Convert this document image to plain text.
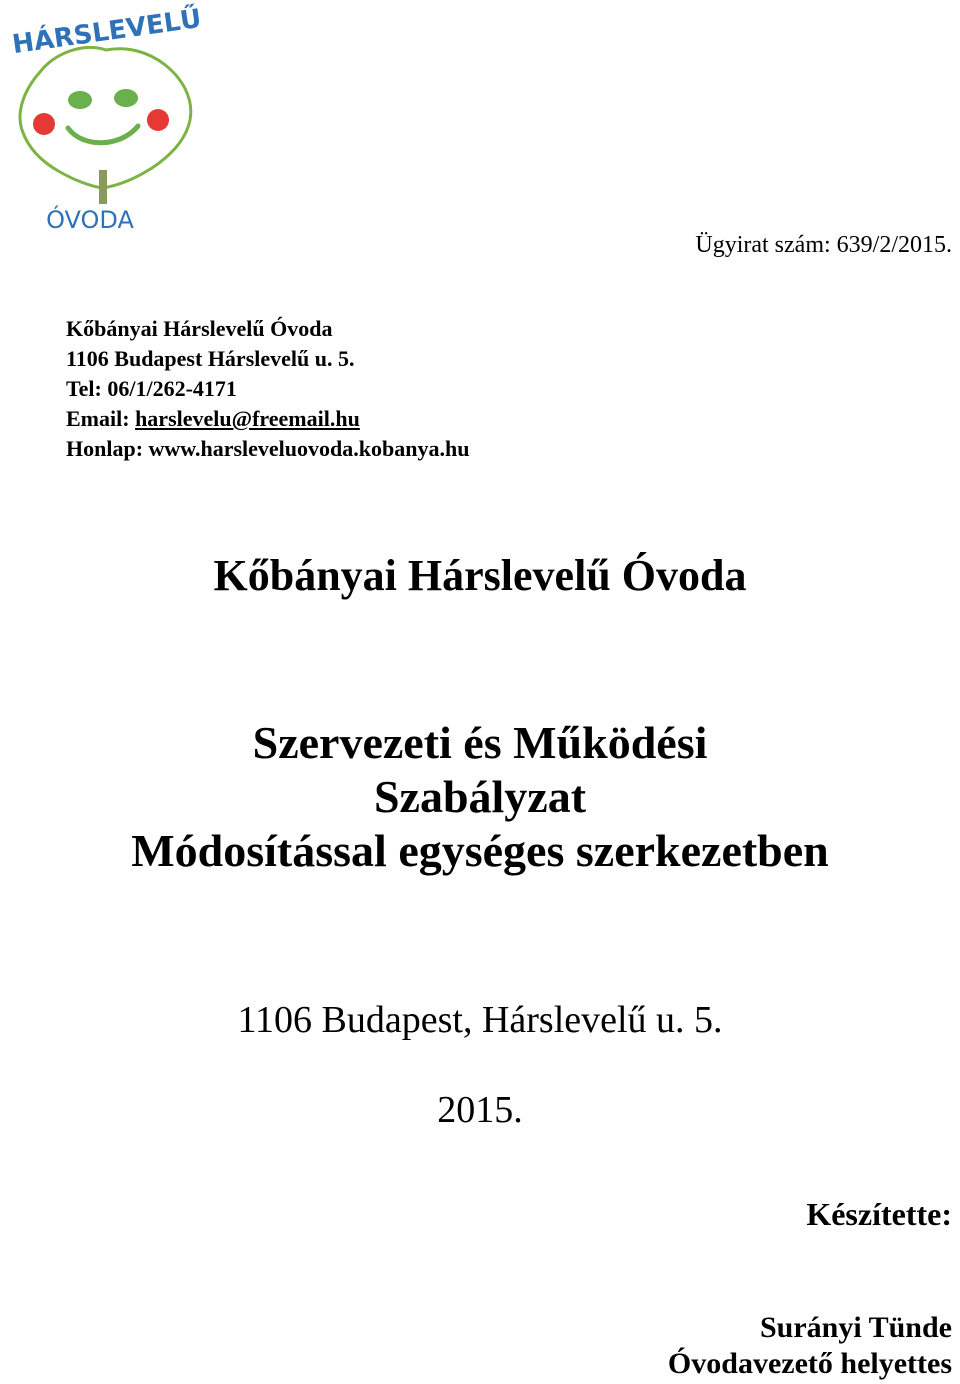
HÁRSLEVELŰ
ÓVODA
Ügyirat szám: 639/2/2015.
Kőbányai Hárslevelű Óvoda
1106 Budapest Hárslevelű u. 5.
Tel: 06/1/262-4171
Email: harslevelu@freemail.hu
Honlap: www.harsleveluovoda.kobanya.hu
Kőbányai Hárslevelű Óvoda
Szervezeti és Működési
Szabályzat
Módosítással egységes szerkezetben
1106 Budapest, Hárslevelű u. 5.
2015.
Készítette:
Surányi Tünde
Óvodavezető helyettes
